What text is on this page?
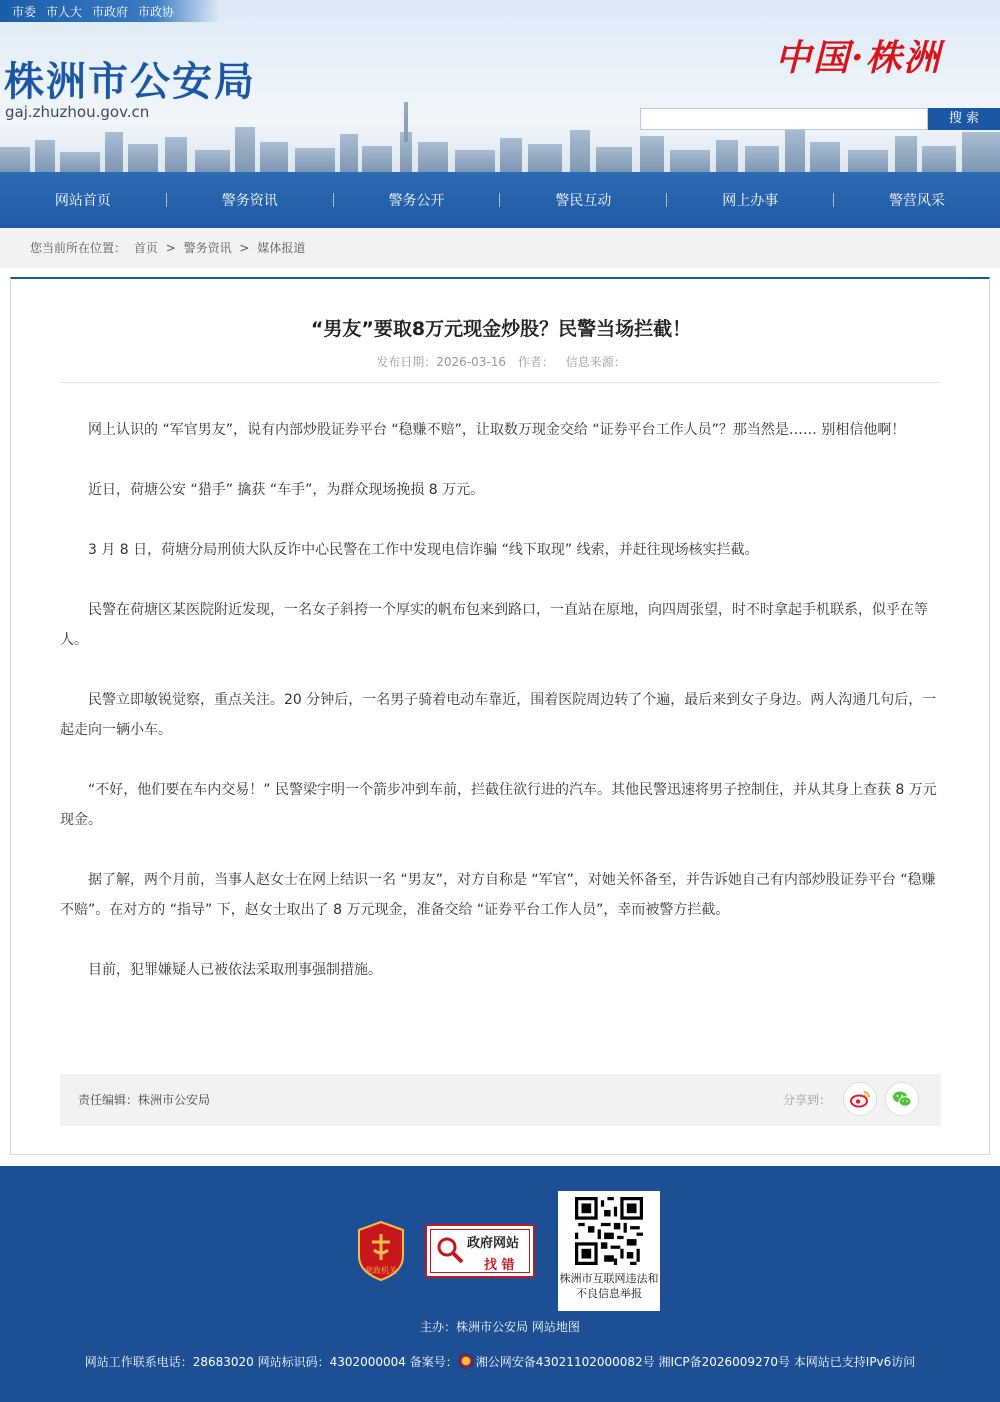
市委 市人大 市政府 市政协
株洲市公安局
gaj.zhuzhou.gov.cn
中国·株洲
搜 索
网站首页	警务资讯	警务公开	警民互动	网上办事	警营风采
您当前所在位置： 首页 > 警务资讯 > 媒体报道
“男友”要取8万元现金炒股？民警当场拦截！
发布日期：2026-03-16 作者： 信息来源：

网上认识的 “军官男友”，说有内部炒股证券平台 “稳赚不赔”，让取数万现金交给 “证券平台工作人员”？那当然是…… 别相信他啊！

近日，荷塘公安 “猎手” 擒获 “车手”，为群众现场挽损 8 万元。

3 月 8 日，荷塘分局刑侦大队反诈中心民警在工作中发现电信诈骗 “线下取现” 线索，并赶往现场核实拦截。

民警在荷塘区某医院附近发现，一名女子斜挎一个厚实的帆布包来到路口，一直站在原地，向四周张望，时不时拿起手机联系，似乎在等人。

民警立即敏锐觉察，重点关注。20 分钟后，一名男子骑着电动车靠近，围着医院周边转了个遍，最后来到女子身边。两人沟通几句后，一起走向一辆小车。

“不好，他们要在车内交易！” 民警梁宇明一个箭步冲到车前，拦截住欲行进的汽车。其他民警迅速将男子控制住，并从其身上查获 8 万元现金。

据了解，两个月前，当事人赵女士在网上结识一名 “男友”，对方自称是 “军官”，对她关怀备至，并告诉她自己有内部炒股证券平台 “稳赚不赔”。在对方的 “指导” 下，赵女士取出了 8 万元现金，准备交给 “证券平台工作人员”，幸而被警方拦截。

目前，犯罪嫌疑人已被依法采取刑事强制措施。

责任编辑：株洲市公安局	分享到：
党政机关
政府网站
找 错
株洲市互联网违法和不良信息举报
主办：株洲市公安局 网站地图
网站工作联系电话：28683020 网站标识码：4302000004 备案号： 湘公网安备43021102000082号 湘ICP备2026009270号 本网站已支持IPv6访问
